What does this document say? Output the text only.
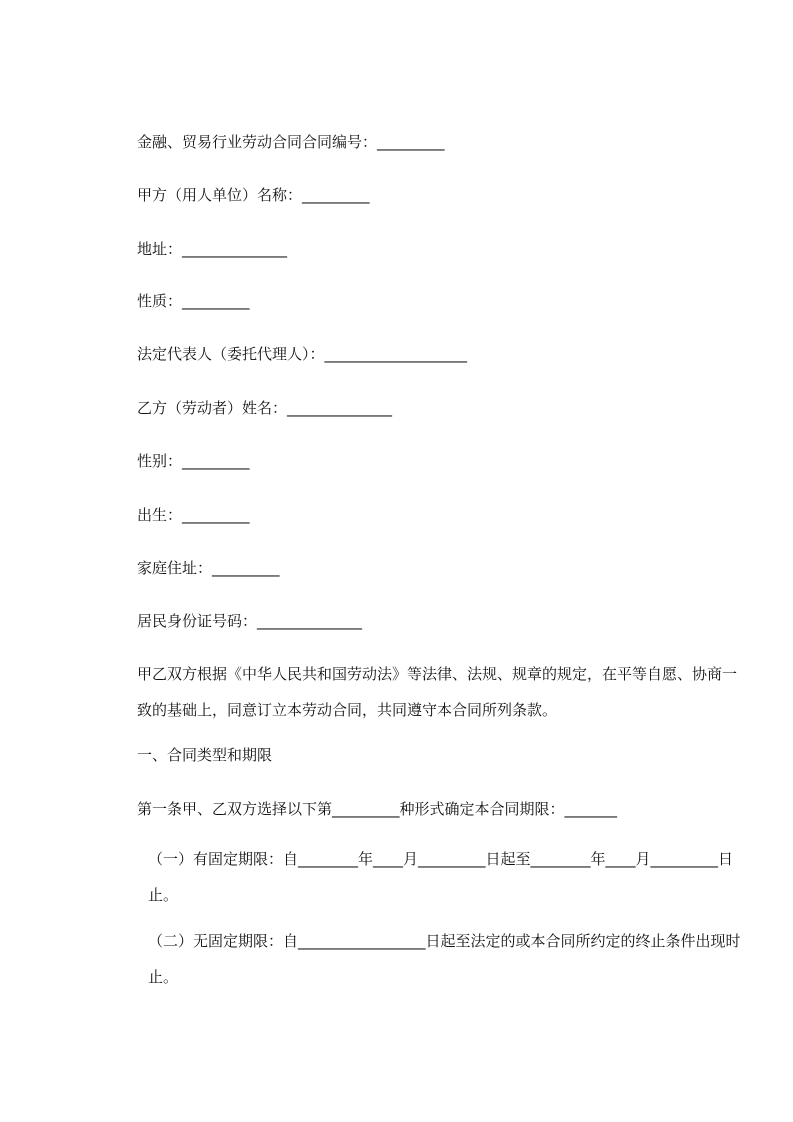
金融、贸易行业劳动合同合同编号：_________
甲方（用人单位）名称：_________
地址：______________
性质：_________
法定代表人（委托代理人）：___________________
乙方（劳动者）姓名：______________
性别：_________
出生：_________
家庭住址：_________
居民身份证号码：______________
甲乙双方根据《中华人民共和国劳动法》等法律、法规、规章的规定，在平等自愿、协商一致的基础上，同意订立本劳动合同，共同遵守本合同所列条款。
一、合同类型和期限
第一条甲、乙双方选择以下第_________种形式确定本合同期限：_______
（一）有固定期限：自________年____月_________日起至________年____月_________日止。
（二）无固定期限：自_________________日起至法定的或本合同所约定的终止条件出现时止。
